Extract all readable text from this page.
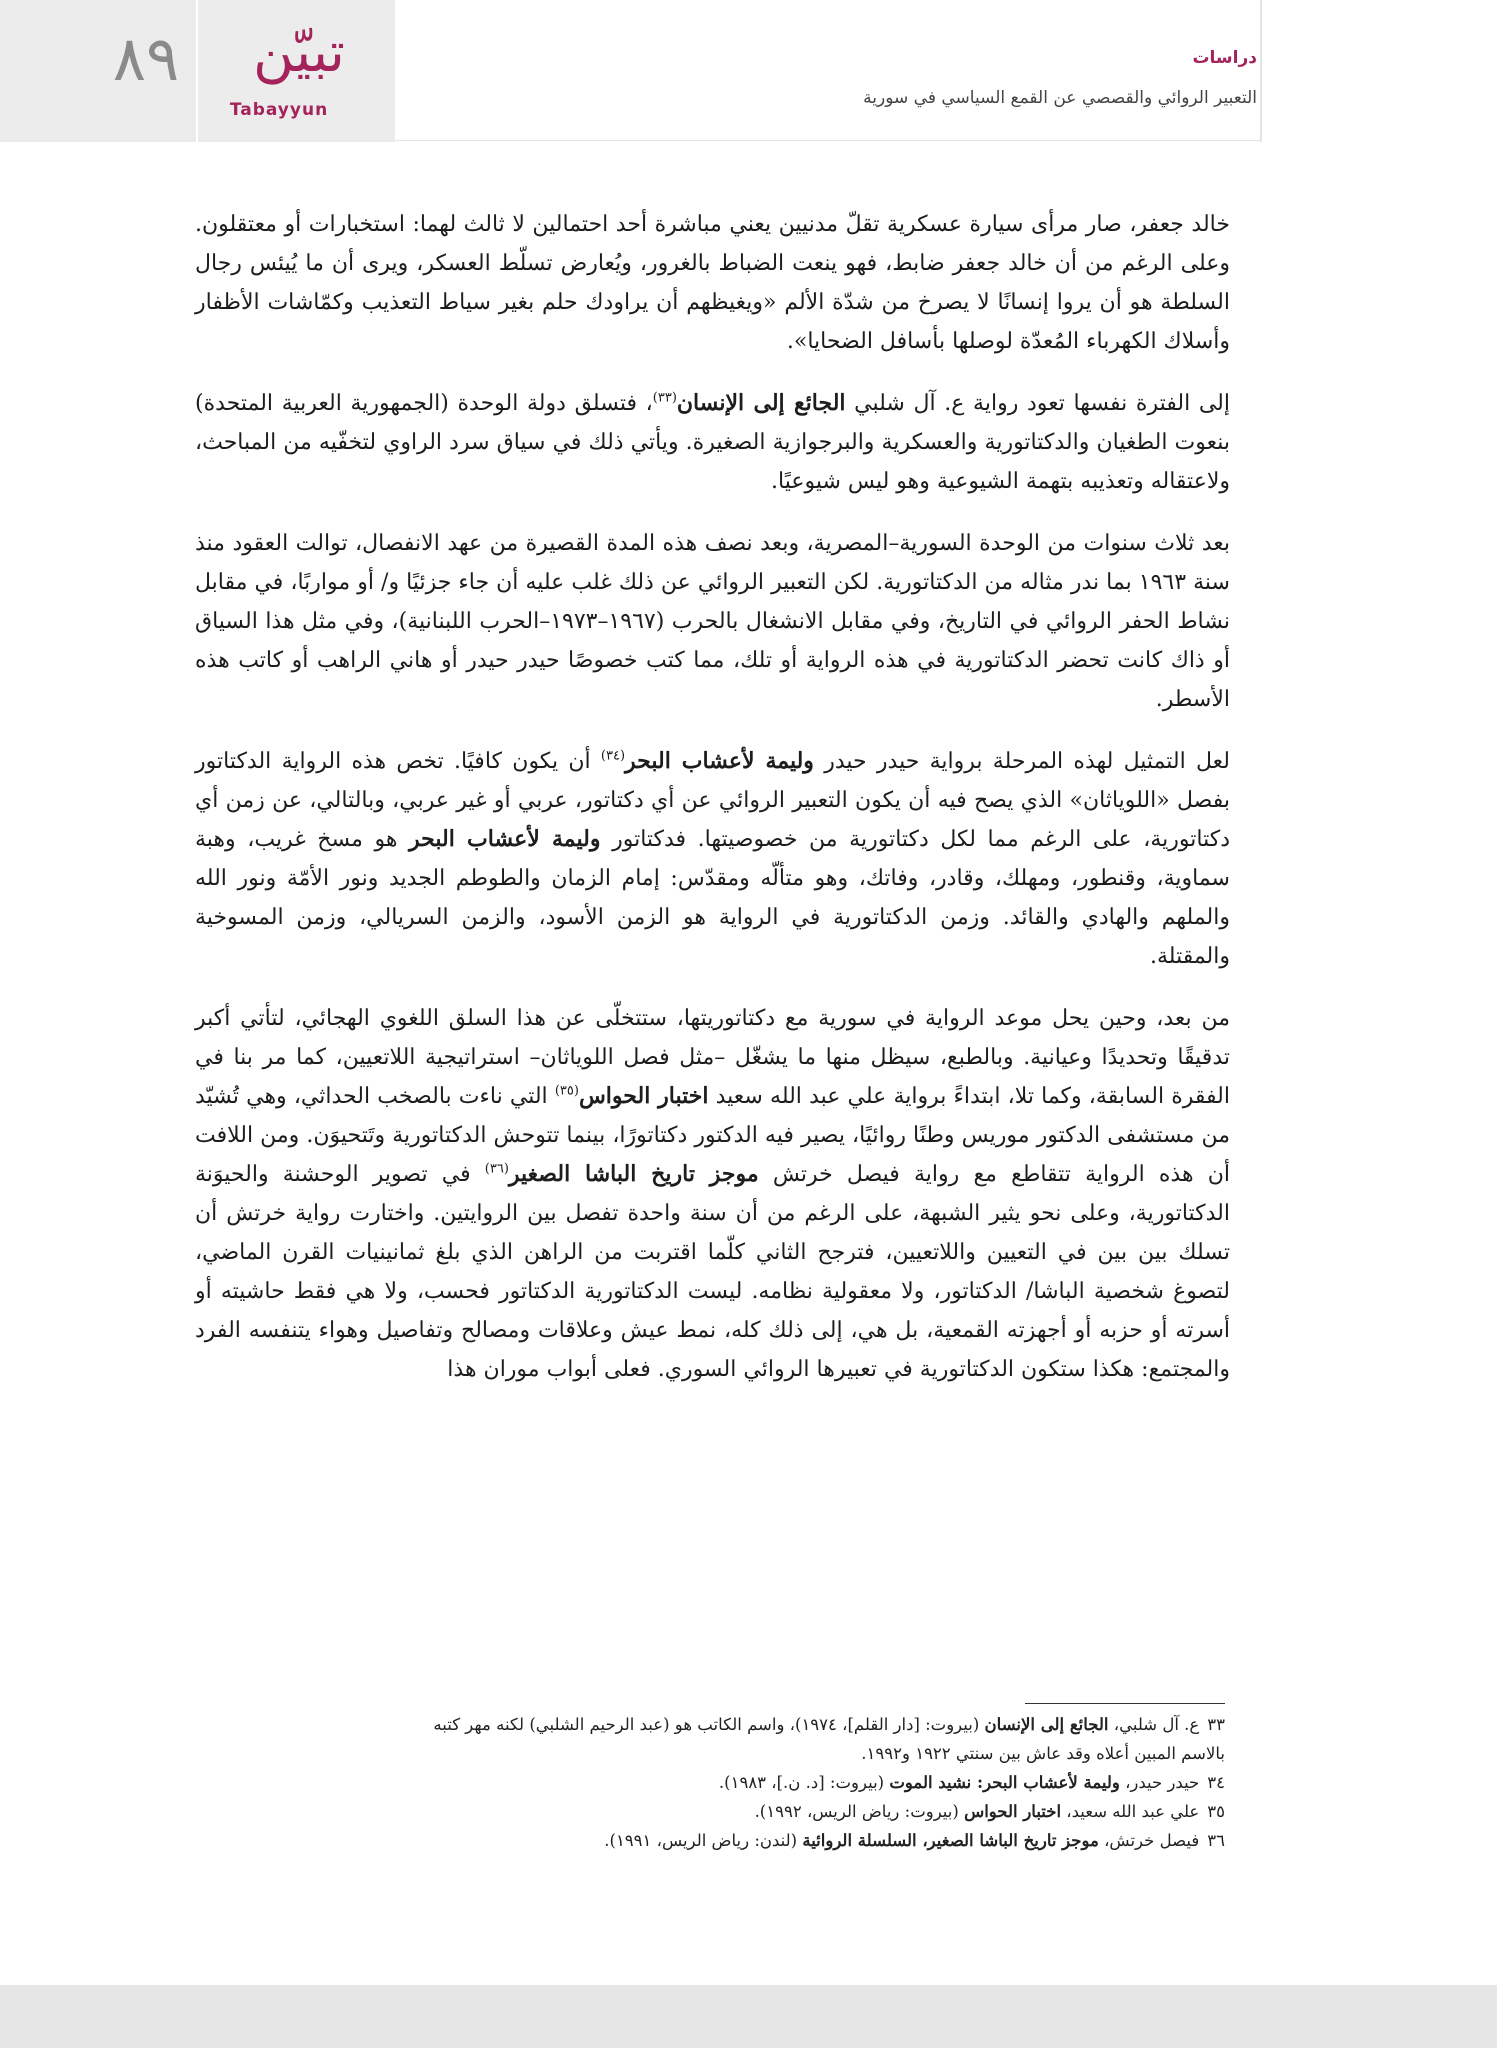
٨٩	تبيّن
Tabayyun
دراسات
التعبير الروائي والقصصي عن القمع السياسي في سورية

خالد جعفر، صار مرأى سيارة عسكرية تقلّ مدنيين يعني مباشرة أحد احتمالين لا ثالث لهما: استخبارات أو معتقلون. وعلى الرغم من أن خالد جعفر ضابط، فهو ينعت الضباط بالغرور، ويُعارض تسلّط العسكر، ويرى أن ما يُيئس رجال السلطة هو أن يروا إنسانًا لا يصرخ من شدّة الألم «ويغيظهم أن يراودك حلم بغير سياط التعذيب وكمّاشات الأظفار وأسلاك الكهرباء المُعدّة لوصلها بأسافل الضحايا».

إلى الفترة نفسها تعود رواية ع. آل شلبي الجائع إلى الإنسان$^{(٣٣)}$، فتسلق دولة الوحدة (الجمهورية العربية المتحدة) بنعوت الطغيان والدكتاتورية والعسكرية والبرجوازية الصغيرة. ويأتي ذلك في سياق سرد الراوي لتخفّيه من المباحث، ولاعتقاله وتعذيبه بتهمة الشيوعية وهو ليس شيوعيًا.

بعد ثلاث سنوات من الوحدة السورية–المصرية، وبعد نصف هذه المدة القصيرة من عهد الانفصال، توالت العقود منذ سنة ١٩٦٣ بما ندر مثاله من الدكتاتورية. لكن التعبير الروائي عن ذلك غلب عليه أن جاء جزئيًا و/ أو مواربًا، في مقابل نشاط الحفر الروائي في التاريخ، وفي مقابل الانشغال بالحرب (١٩٦٧–١٩٧٣–الحرب اللبنانية)، وفي مثل هذا السياق أو ذاك كانت تحضر الدكتاتورية في هذه الرواية أو تلك، مما كتب خصوصًا حيدر حيدر أو هاني الراهب أو كاتب هذه الأسطر.

لعل التمثيل لهذه المرحلة برواية حيدر حيدر وليمة لأعشاب البحر$^{(٣٤)}$ أن يكون كافيًا. تخص هذه الرواية الدكتاتور بفصل «اللوياثان» الذي يصح فيه أن يكون التعبير الروائي عن أي دكتاتور، عربي أو غير عربي، وبالتالي، عن زمن أي دكتاتورية، على الرغم مما لكل دكتاتورية من خصوصيتها. فدكتاتور وليمة لأعشاب البحر هو مسخ غريب، وهبة سماوية، وقنطور، ومهلك، وقادر، وفاتك، وهو متألّه ومقدّس: إمام الزمان والطوطم الجديد ونور الأمّة ونور الله والملهم والهادي والقائد. وزمن الدكتاتورية في الرواية هو الزمن الأسود، والزمن السريالي، وزمن المسوخية والمقتلة.

من بعد، وحين يحل موعد الرواية في سورية مع دكتاتوريتها، ستتخلّى عن هذا السلق اللغوي الهجائي، لتأتي أكبر تدقيقًا وتحديدًا وعيانية. وبالطبع، سيظل منها ما يشغّل –مثل فصل اللوياثان– استراتيجية اللاتعيين، كما مر بنا في الفقرة السابقة، وكما تلا، ابتداءً برواية علي عبد الله سعيد اختبار الحواس$^{(٣٥)}$ التي ناءت بالصخب الحداثي، وهي تُشيّد من مستشفى الدكتور موريس وطنًا روائيًا، يصير فيه الدكتور دكتاتورًا، بينما تتوحش الدكتاتورية وتَتحيوَن. ومن اللافت أن هذه الرواية تتقاطع مع رواية فيصل خرتش موجز تاريخ الباشا الصغير$^{(٣٦)}$ في تصوير الوحشنة والحيوَنة الدكتاتورية، وعلى نحو يثير الشبهة، على الرغم من أن سنة واحدة تفصل بين الروايتين. واختارت رواية خرتش أن تسلك بين بين في التعيين واللاتعيين، فترجح الثاني كلّما اقتربت من الراهن الذي بلغ ثمانينيات القرن الماضي، لتصوغ شخصية الباشا/ الدكتاتور، ولا معقولية نظامه. ليست الدكتاتورية الدكتاتور فحسب، ولا هي فقط حاشيته أو أسرته أو حزبه أو أجهزته القمعية، بل هي، إلى ذلك كله، نمط عيش وعلاقات ومصالح وتفاصيل وهواء يتنفسه الفرد والمجتمع: هكذا ستكون الدكتاتورية في تعبيرها الروائي السوري. فعلى أبواب موران هذا

٣٣ع. آل شلبي، الجائع إلى الإنسان (بيروت: [دار القلم]، ١٩٧٤)، واسم الكاتب هو (عبد الرحيم الشلبي) لكنه مهر كتبه بالاسم المبين أعلاه وقد عاش بين سنتي ١٩٢٢ و١٩٩٢.

٣٤حيدر حيدر، وليمة لأعشاب البحر: نشيد الموت (بيروت: [د. ن.]، ١٩٨٣).

٣٥علي عبد الله سعيد، اختبار الحواس (بيروت: رياض الريس، ١٩٩٢).

٣٦فيصل خرتش، موجز تاريخ الباشا الصغير، السلسلة الروائية (لندن: رياض الريس، ١٩٩١).
